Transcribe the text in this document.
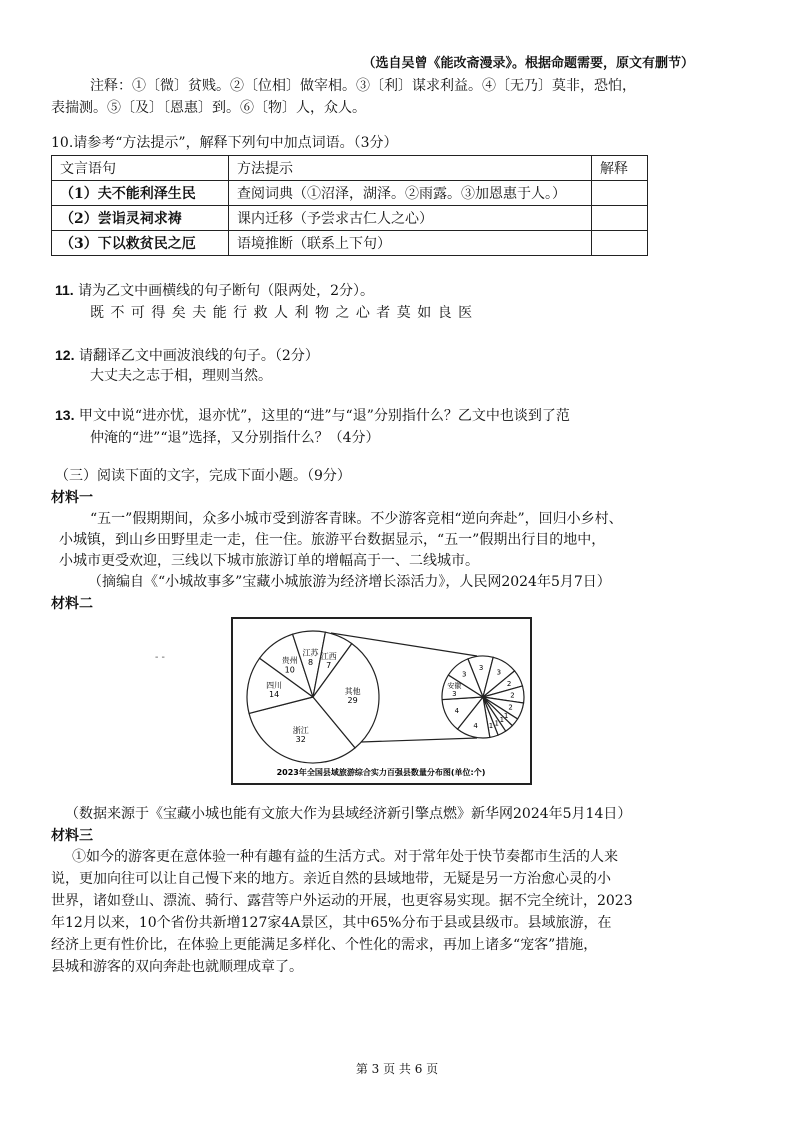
（选自吴曾《能改斋漫录》。根据命题需要，原文有删节）
注释：①〔微〕贫贱。②〔位相〕做宰相。③〔利〕谋求利益。④〔无乃〕莫非，恐怕，
表揣测。⑤〔及〕〔恩惠〕到。⑥〔物〕人，众人。
10.请参考“方法提示”，解释下列句中加点词语。（3分）
文言语句	方法提示	解释
（1）夫不能利泽生民	查阅词典（①沼泽，湖泽。②雨露。③加恩惠于人。）	
（2）尝诣灵祠求祷	课内迁移（予尝求古仁人之心）	
（3）下以救贫民之厄	语境推断（联系上下句）	
11. 请为乙文中画横线的句子断句（限两处，2分）。
既 不 可 得 矣 夫 能 行 救 人 利 物 之 心 者 莫 如 良 医
12. 请翻译乙文中画波浪线的句子。（2分）
大丈夫之志于相，理则当然。
13. 甲文中说“进亦忧，退亦忧”，这里的“进”与“退”分别指什么？乙文中也谈到了范
仲淹的“进”“退”选择，又分别指什么？（4分）
（三）阅读下面的文字，完成下面小题。（9分）
材料一
“五一”假期期间，众多小城市受到游客青睐。不少游客竞相“逆向奔赴”，回归小乡村、
小城镇，到山乡田野里走一走，住一住。旅游平台数据显示，“五一”假期出行目的地中，
小城市更受欢迎，三线以下城市旅游订单的增幅高于一、二线城市。
（摘编自《“小城故事多”宝藏小城旅游为经济增长添活力》，人民网2024年5月7日）
材料二
浙江
32
四川
14
贵州
10
江苏
8
江西
7
其他
29
3
3
2
2
2
1
1
1
1
4
4
安徽
3
3
2023年全国县域旅游综合实力百强县数量分布图(单位:个)
- -
（数据来源于《宝藏小城也能有文旅大作为县域经济新引擎点燃》新华网2024年5月14日）
材料三
①如今的游客更在意体验一种有趣有益的生活方式。对于常年处于快节奏都市生活的人来
说，更加向往可以让自己慢下来的地方。亲近自然的县域地带，无疑是另一方治愈心灵的小
世界，诸如登山、漂流、骑行、露营等户外运动的开展，也更容易实现。据不完全统计，2023
年12月以来，10个省份共新增127家4A景区，其中65%分布于县或县级市。县域旅游，在
经济上更有性价比，在体验上更能满足多样化、个性化的需求，再加上诸多“宠客”措施，
县城和游客的双向奔赴也就顺理成章了。
第 3 页 共 6 页
